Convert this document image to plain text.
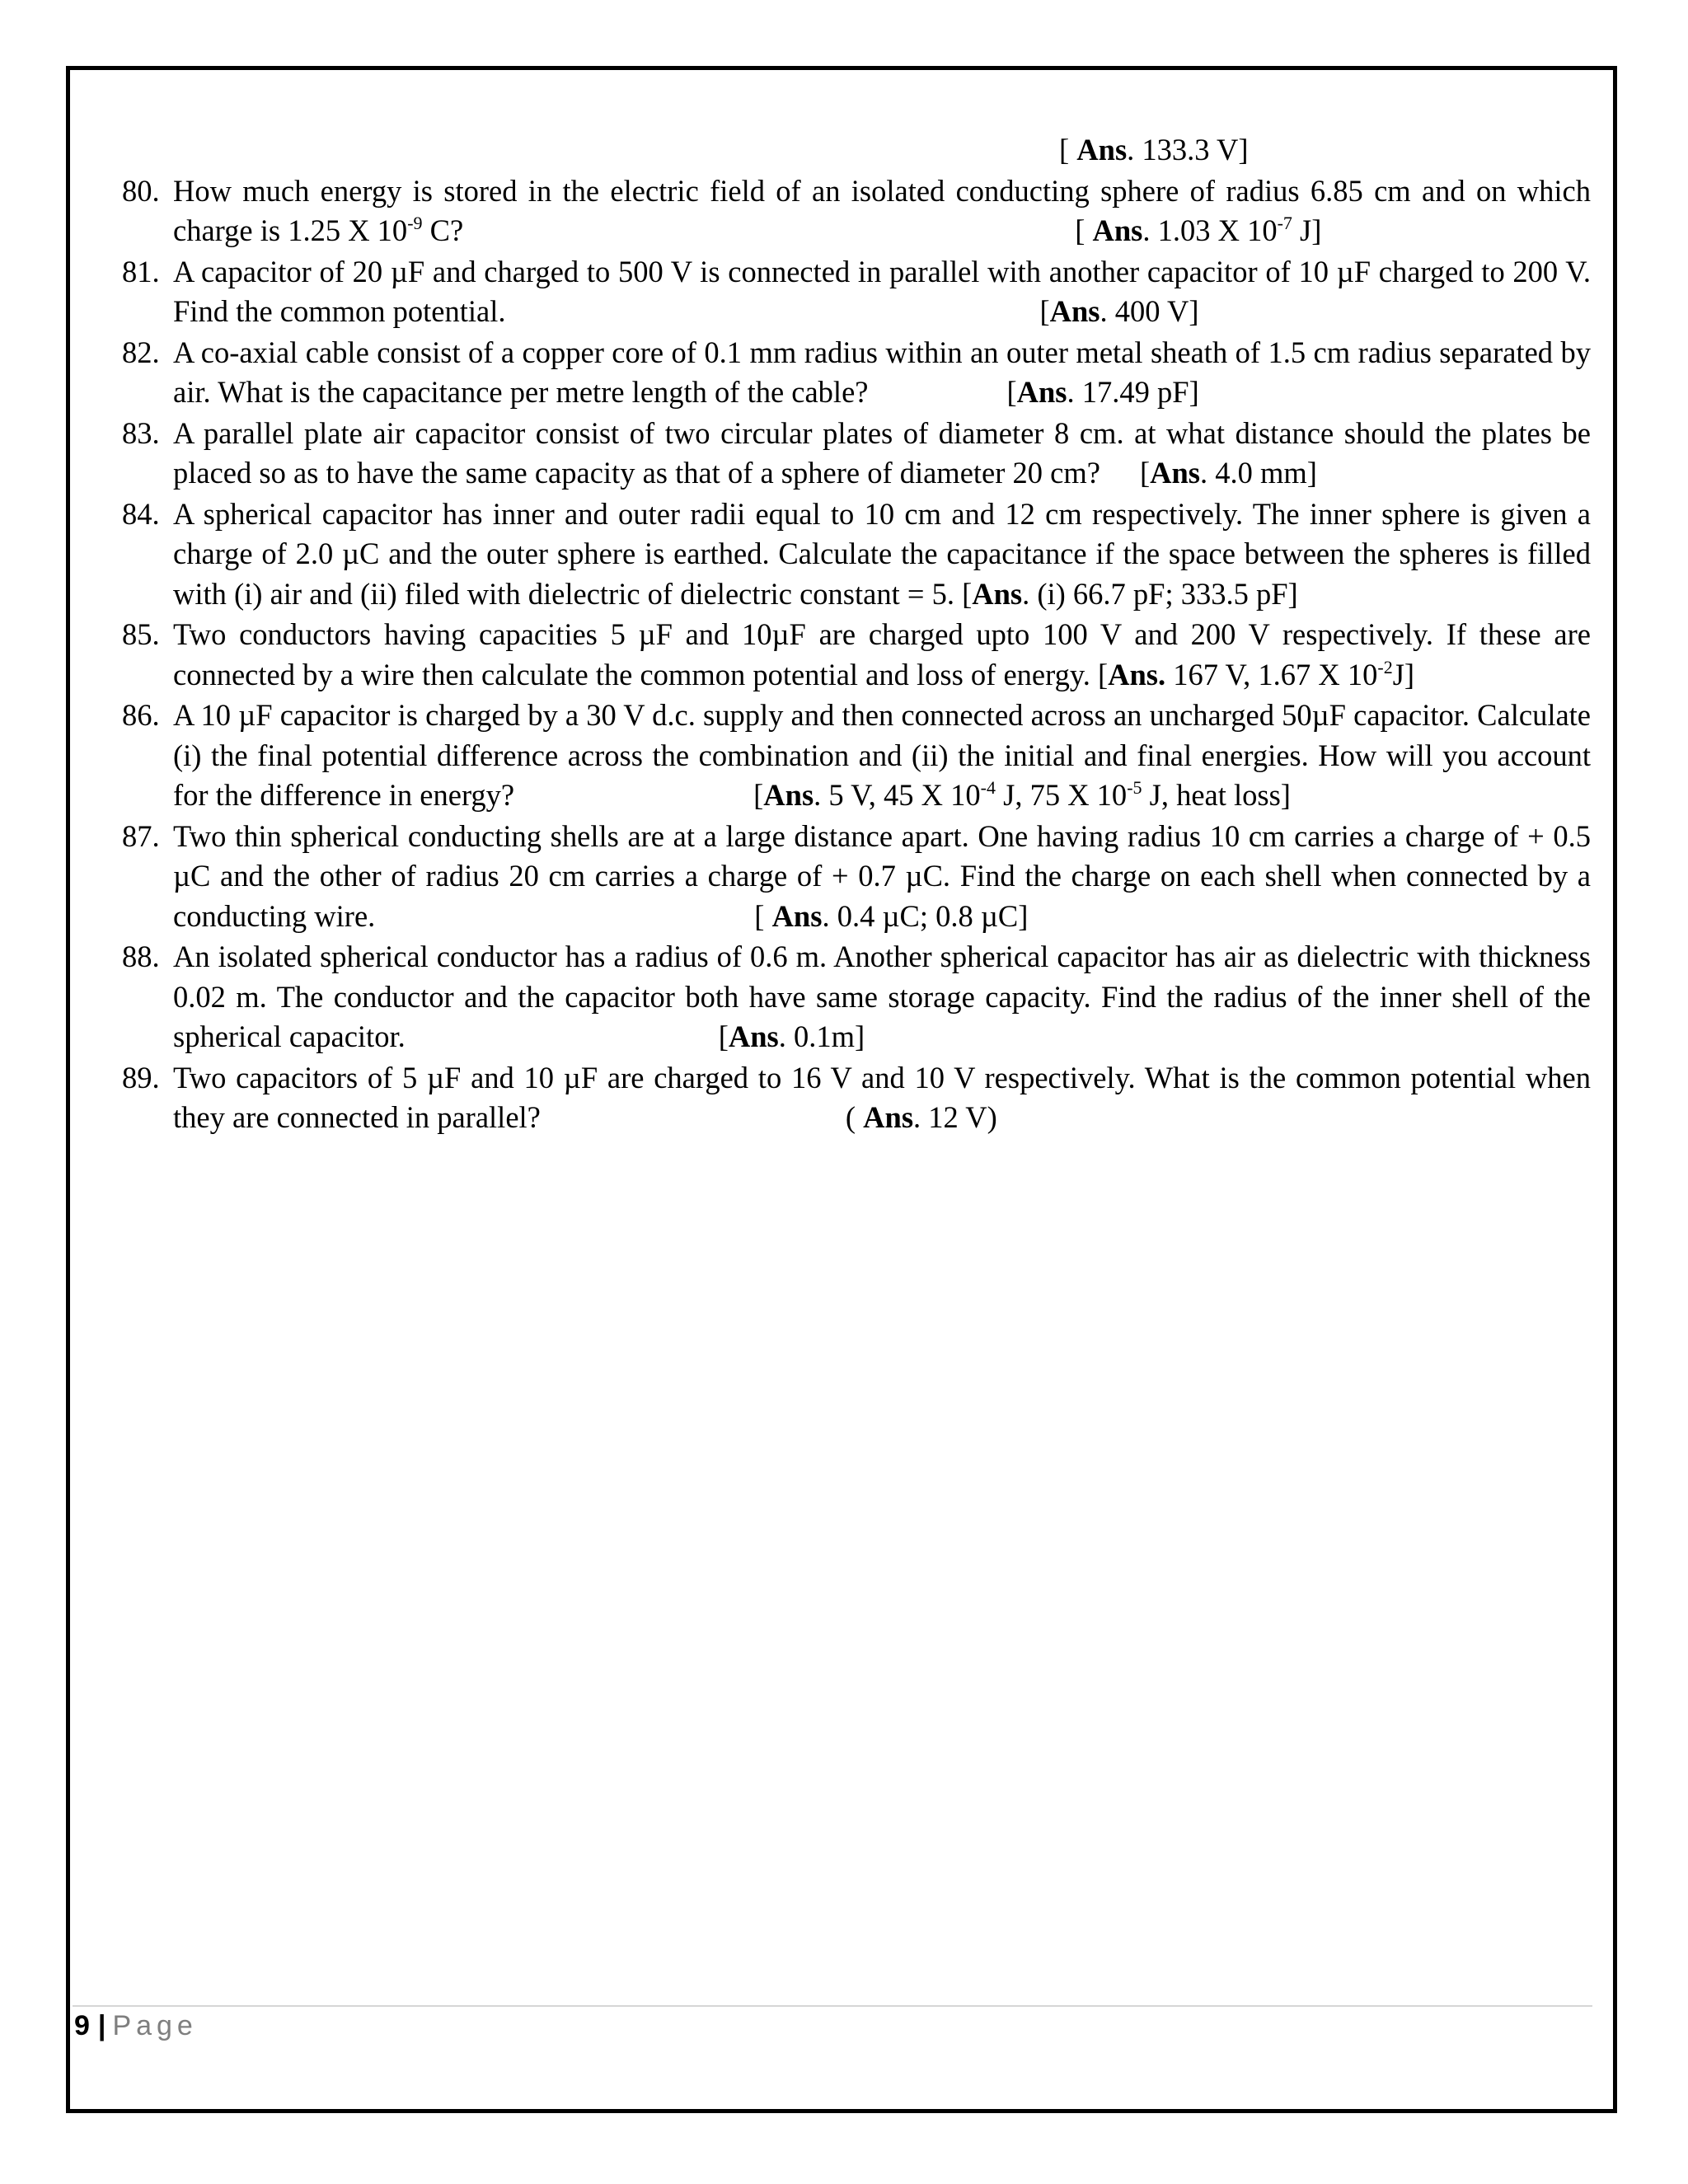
[ Ans. 133.3 V]
80. How much energy is stored in the electric field of an isolated conducting sphere of radius 6.85 cm and on which charge is 1.25 X $10^{-9}$ C?	[ Ans. 1.03 X $10^{-7}$ J]
81. A capacitor of 20 µF and charged to 500 V is connected in parallel with another capacitor of 10 µF charged to 200 V. Find the common potential.	[Ans. 400 V]
82. A co-axial cable consist of a copper core of 0.1 mm radius within an outer metal sheath of 1.5 cm radius separated by air. What is the capacitance per metre length of the cable?	[Ans. 17.49 pF]
83. A parallel plate air capacitor consist of two circular plates of diameter 8 cm. at what distance should the plates be placed so as to have the same capacity as that of a sphere of diameter 20 cm? [Ans. 4.0 mm]
84. A spherical capacitor has inner and outer radii equal to 10 cm and 12 cm respectively. The inner sphere is given a charge of 2.0 µC and the outer sphere is earthed. Calculate the capacitance if the space between the spheres is filled with (i) air and (ii) filed with dielectric of dielectric constant = 5. [Ans. (i) 66.7 pF; 333.5 pF]
85. Two conductors having capacities 5 µF and 10µF are charged upto 100 V and 200 V respectively. If these are connected by a wire then calculate the common potential and loss of energy. [Ans. 167 V, 1.67 X $10^{-2}J$]
86. A 10 µF capacitor is charged by a 30 V d.c. supply and then connected across an uncharged 50µF capacitor. Calculate (i) the final potential difference across the combination and (ii) the initial and final energies. How will you account for the difference in energy?	[Ans. 5 V, 45 X $10^{-4}$ J, 75 X $10^{-5}$ J, heat loss]
87. Two thin spherical conducting shells are at a large distance apart. One having radius 10 cm carries a charge of + 0.5 µC and the other of radius 20 cm carries a charge of + 0.7 µC. Find the charge on each shell when connected by a conducting wire.	[ Ans. 0.4 µC; 0.8 µC]
88. An isolated spherical conductor has a radius of 0.6 m. Another spherical capacitor has air as dielectric with thickness 0.02 m. The conductor and the capacitor both have same storage capacity. Find the radius of the inner shell of the spherical capacitor.	[Ans. 0.1m]
89. Two capacitors of 5 µF and 10 µF are charged to 16 V and 10 V respectively. What is the common potential when they are connected in parallel?	( Ans. 12 V)
9 | Page
